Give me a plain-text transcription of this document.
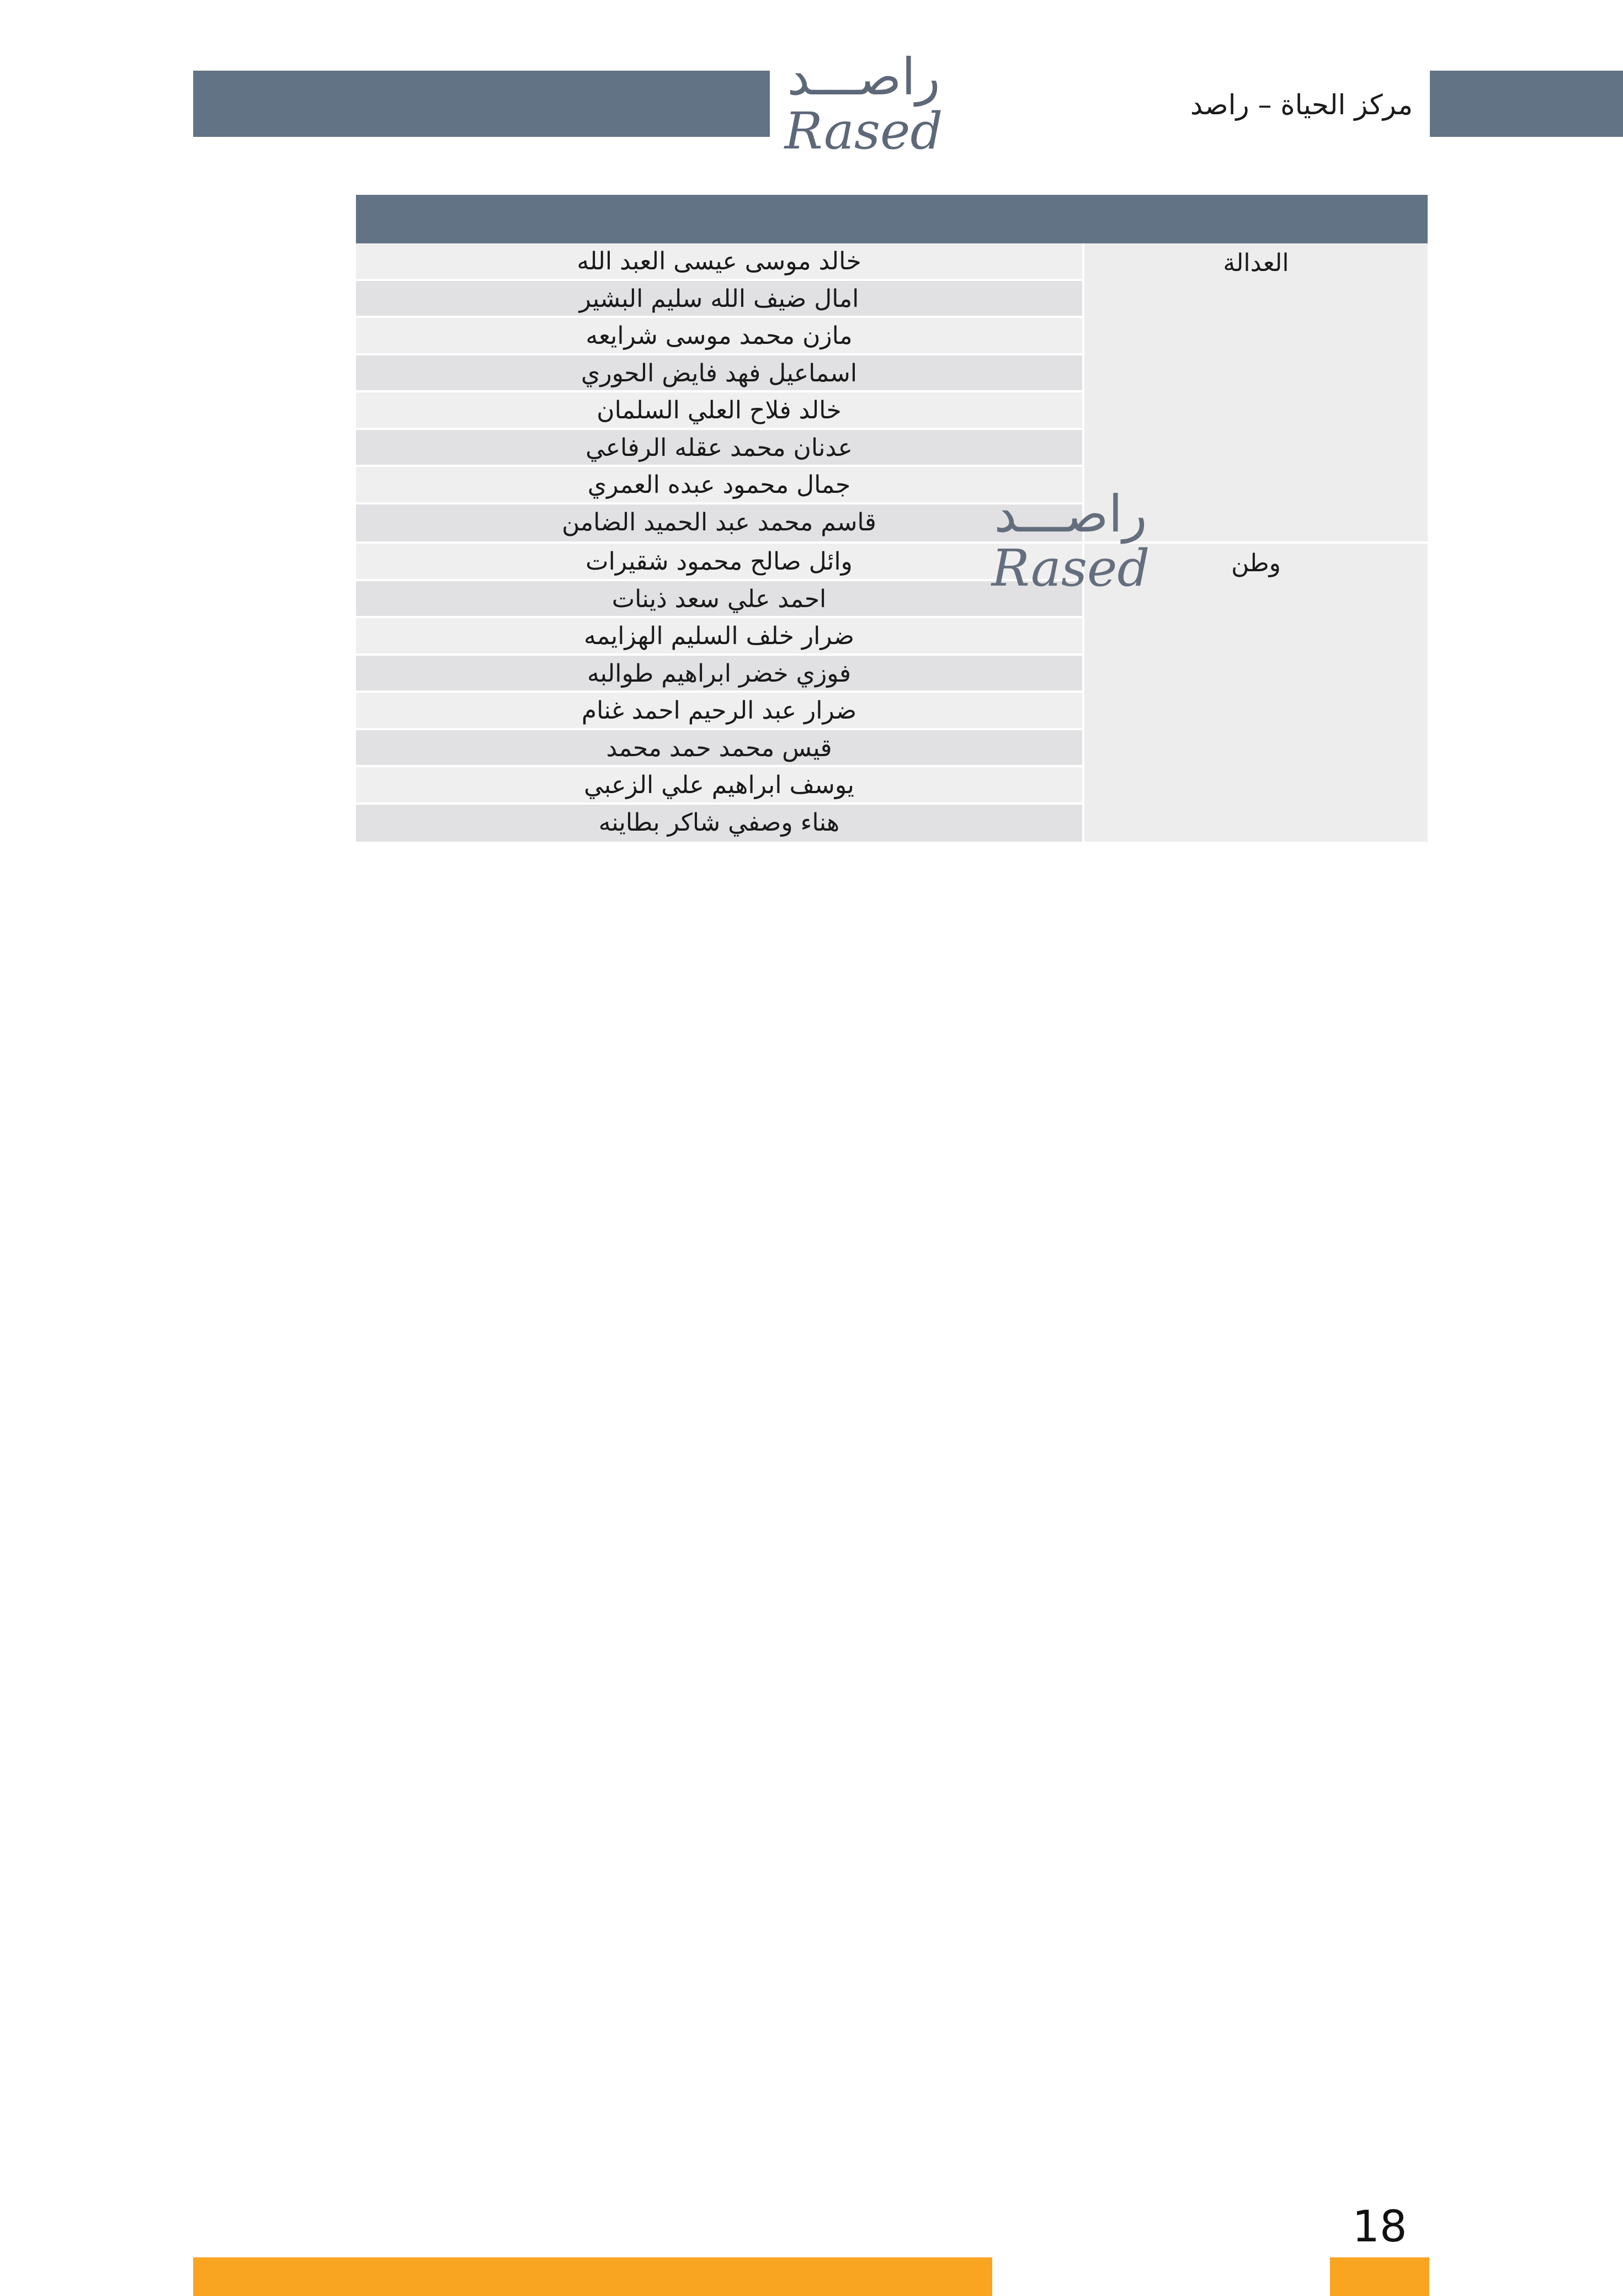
راصـــد
Rased	مركز الحياة – راصد
العدالة
خالد موسى عيسى العبد الله
امال ضيف الله سليم البشير
مازن محمد موسى شرايعه
اسماعيل فهد فايض الحوري
خالد فلاح العلي السلمان
عدنان محمد عقله الرفاعي
جمال محمود عبده العمري
قاسم محمد عبد الحميد الضامن
وطن
وائل صالح محمود شقيرات
احمد علي سعد ذينات
ضرار خلف السليم الهزايمه
فوزي خضر ابراهيم طوالبه
ضرار عبد الرحيم احمد غنام
قيس محمد حمد محمد
يوسف ابراهيم علي الزعبي
هناء وصفي شاكر بطاينه
راصـــد
Rased
18
